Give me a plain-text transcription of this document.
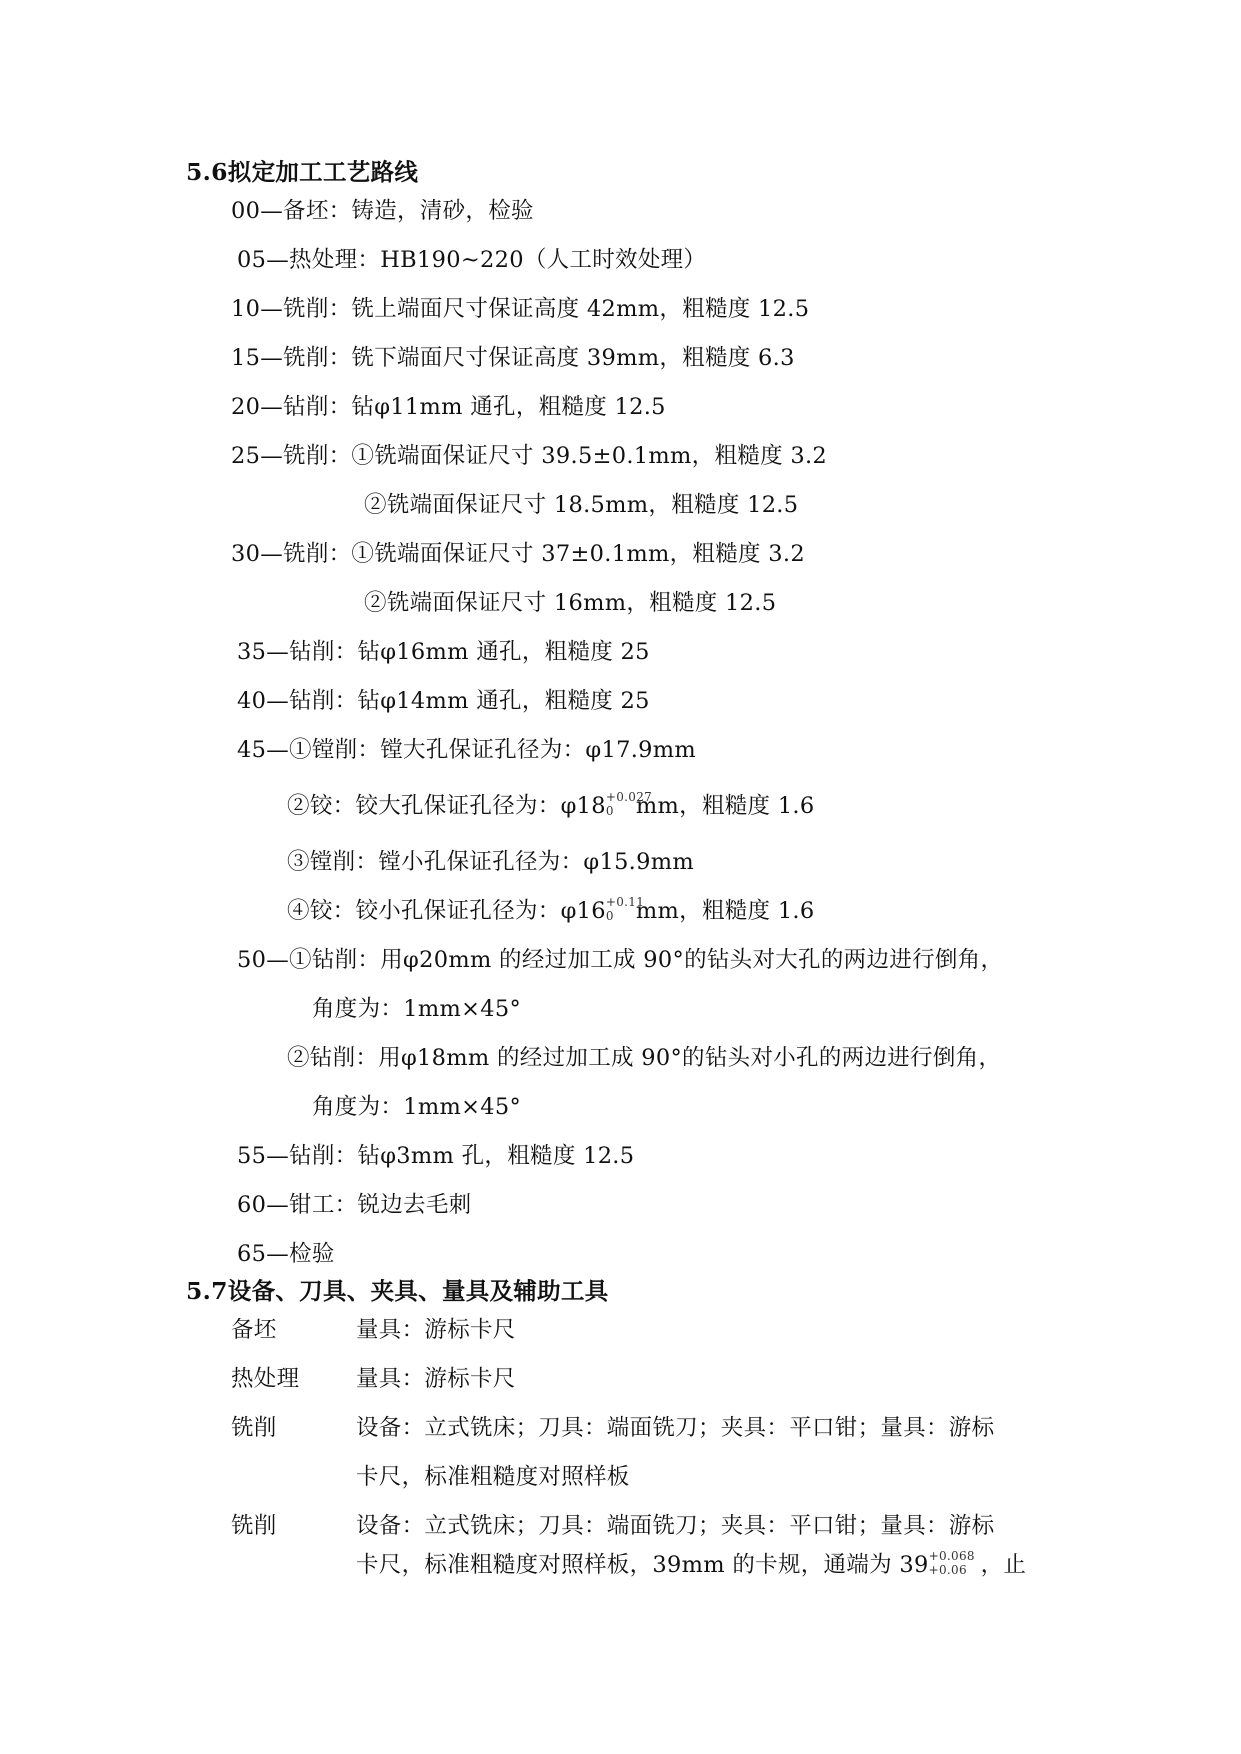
5.6拟定加工工艺路线
00—备坯：铸造，清砂，检验
05—热处理：HB190~220（人工时效处理）
10—铣削：铣上端面尺寸保证高度 42mm，粗糙度 12.5
15—铣削：铣下端面尺寸保证高度 39mm，粗糙度 6.3
20—钻削：钻φ11mm 通孔，粗糙度 12.5
25—铣削：①铣端面保证尺寸 39.5±0.1mm，粗糙度 3.2
②铣端面保证尺寸 18.5mm，粗糙度 12.5
30—铣削：①铣端面保证尺寸 37±0.1mm，粗糙度 3.2
②铣端面保证尺寸 16mm，粗糙度 12.5
35—钻削：钻φ16mm 通孔，粗糙度 25
40—钻削：钻φ14mm 通孔，粗糙度 25
45—①镗削：镗大孔保证孔径为：φ17.9mm
②铰：铰大孔保证孔径为：φ18 +0.027
0 mm，粗糙度 1.6
③镗削：镗小孔保证孔径为：φ15.9mm
④铰：铰小孔保证孔径为：φ16 +0.11
0 mm，粗糙度 1.6
50—①钻削：用φ20mm 的经过加工成 90°的钻头对大孔的两边进行倒角，
角度为：1mm×45°
②钻削：用φ18mm 的经过加工成 90°的钻头对小孔的两边进行倒角，
角度为：1mm×45°
55—钻削：钻φ3mm 孔，粗糙度 12.5
60—钳工：锐边去毛刺
65—检验
5.7设备、刀具、夹具、量具及辅助工具
备坯	量具：游标卡尺
热处理	量具：游标卡尺
铣削	设备：立式铣床；刀具：端面铣刀；夹具：平口钳；量具：游标
卡尺，标准粗糙度对照样板
铣削	设备：立式铣床；刀具：端面铣刀；夹具：平口钳；量具：游标
卡尺，标准粗糙度对照样板，39mm 的卡规，通端为 39 +0.068
+0.06 ，止
